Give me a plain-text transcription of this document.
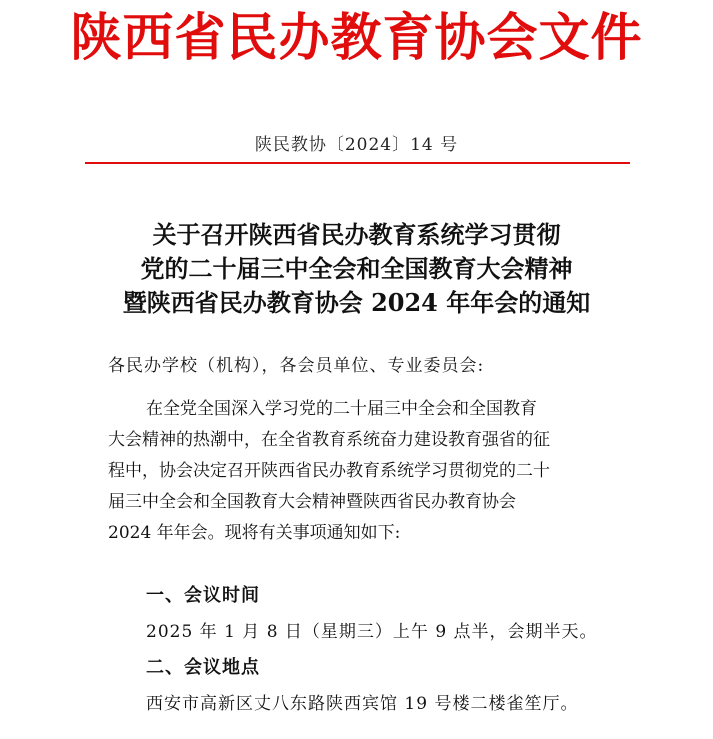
陕西省民办教育协会文件
陕民教协〔2024〕14 号
关于召开陕西省民办教育系统学习贯彻
党的二十届三中全会和全国教育大会精神
暨陕西省民办教育协会 2024 年年会的通知
各民办学校（机构），各会员单位、专业委员会:
在全党全国深入学习党的二十届三中全会和全国教育
大会精神的热潮中，在全省教育系统奋力建设教育强省的征
程中，协会决定召开陕西省民办教育系统学习贯彻党的二十
届三中全会和全国教育大会精神暨陕西省民办教育协会
2024 年年会。现将有关事项通知如下:
一、会议时间
2025 年 1 月 8 日（星期三）上午 9 点半，会期半天。
二、会议地点
西安市高新区丈八东路陕西宾馆 19 号楼二楼雀笙厅。
